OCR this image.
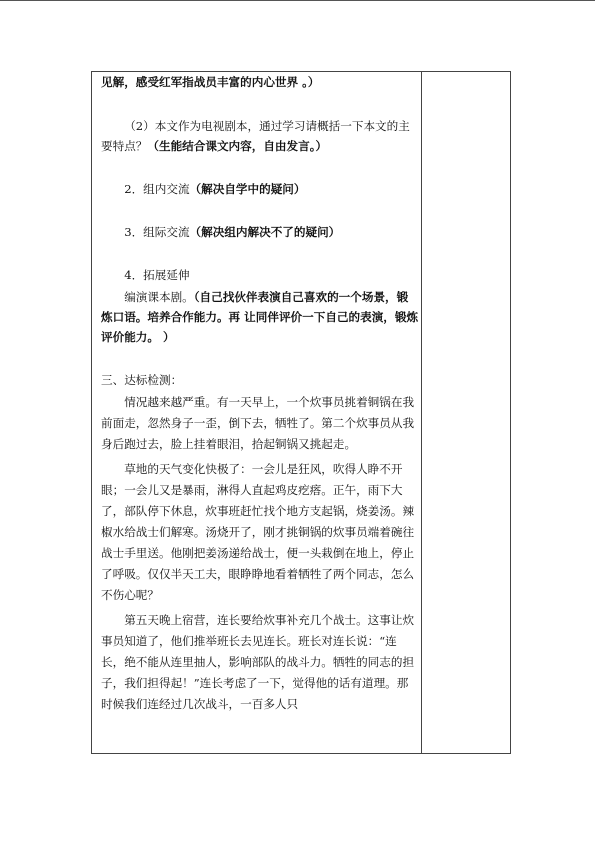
见解，感受红军指战员丰富的内心世界 。）

（2）本文作为电视剧本，通过学习请概括一下本文的主要特点？（生能结合课文内容，自由发言。）

2．组内交流（解决自学中的疑问）

3．组际交流（解决组内解决不了的疑问）

4．拓展延伸

编演课本剧。（自己找伙伴表演自己喜欢的一个场景，锻炼口语。培养合作能力。再 让同伴评价一下自己的表演，锻炼评价能力。 ）

三、达标检测：

情况越来越严重。有一天早上，一个炊事员挑着铜锅在我前面走，忽然身子一歪，倒下去，牺牲了。第二个炊事员从我身后跑过去，脸上挂着眼泪，拾起铜锅又挑起走。

草地的天气变化快极了：一会儿是狂风，吹得人睁不开眼；一会儿又是暴雨，淋得人直起鸡皮疙瘩。正午，雨下大了，部队停下休息，炊事班赶忙找个地方支起锅，烧姜汤。辣椒水给战士们解寒。汤烧开了，刚才挑铜锅的炊事员端着碗往战士手里送。他刚把姜汤递给战士，便一头栽倒在地上，停止了呼吸。仅仅半天工夫，眼睁睁地看着牺牲了两个同志，怎么不伤心呢？

第五天晚上宿营，连长要给炊事补充几个战士。这事让炊事员知道了，他们推举班长去见连长。班长对连长说：“连长，绝不能从连里抽人，影响部队的战斗力。牺牲的同志的担子，我们担得起！”连长考虑了一下，觉得他的话有道理。那时候我们连经过几次战斗，一百多人只
